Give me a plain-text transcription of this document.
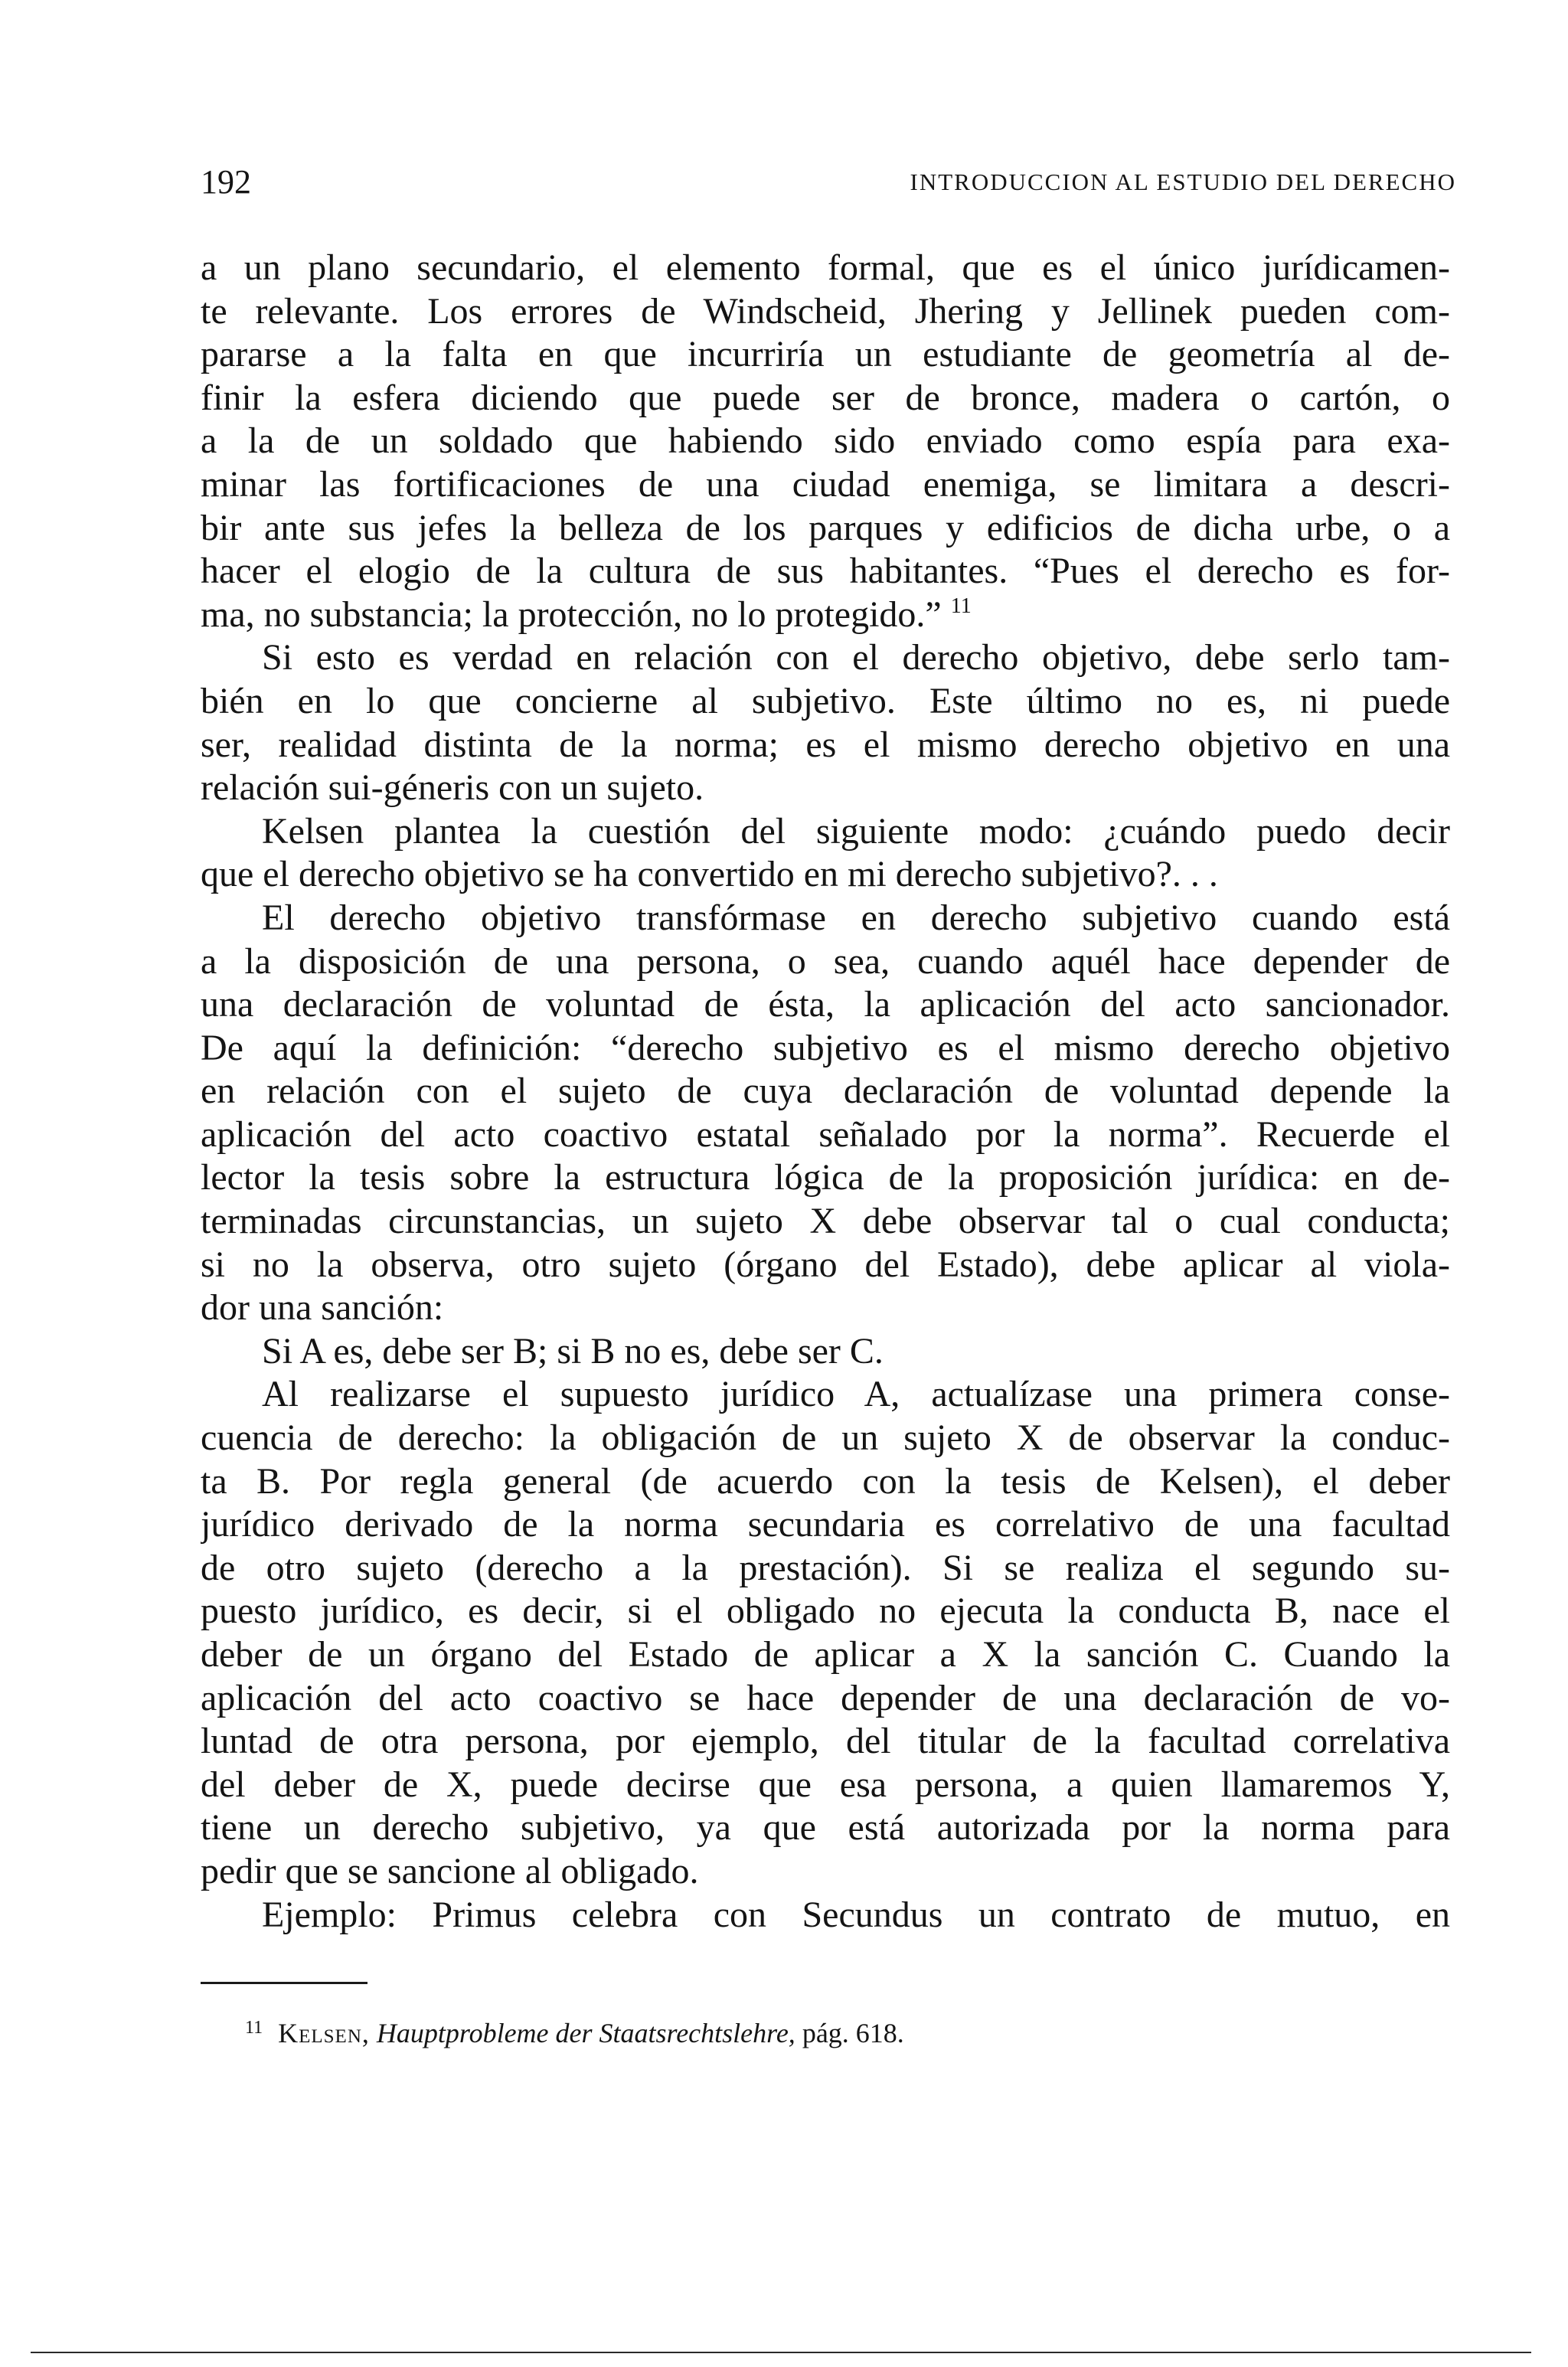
192	INTRODUCCION AL ESTUDIO DEL DERECHO

a un plano secundario, el elemento formal, que es el único jurídicamen-

te relevante. Los errores de Windscheid, Jhering y Jellinek pueden com-

pararse a la falta en que incurriría un estudiante de geometría al de-

finir la esfera diciendo que puede ser de bronce, madera o cartón, o

a la de un soldado que habiendo sido enviado como espía para exa-

minar las fortificaciones de una ciudad enemiga, se limitara a descri-

bir ante sus jefes la belleza de los parques y edificios de dicha urbe, o a

hacer el elogio de la cultura de sus habitantes. “Pues el derecho es for-

ma, no substancia; la protección, no lo protegido.” $^{11}$

Si esto es verdad en relación con el derecho objetivo, debe serlo tam-

bién en lo que concierne al subjetivo. Este último no es, ni puede

ser, realidad distinta de la norma; es el mismo derecho objetivo en una

relación sui-géneris con un sujeto.

Kelsen plantea la cuestión del siguiente modo: ¿cuándo puedo decir

que el derecho objetivo se ha convertido en mi derecho subjetivo?. . .

El derecho objetivo transfórmase en derecho subjetivo cuando está

a la disposición de una persona, o sea, cuando aquél hace depender de

una declaración de voluntad de ésta, la aplicación del acto sancionador.

De aquí la definición: “derecho subjetivo es el mismo derecho objetivo

en relación con el sujeto de cuya declaración de voluntad depende la

aplicación del acto coactivo estatal señalado por la norma”. Recuerde el

lector la tesis sobre la estructura lógica de la proposición jurídica: en de-

terminadas circunstancias, un sujeto X debe observar tal o cual conducta;

si no la observa, otro sujeto (órgano del Estado), debe aplicar al viola-

dor una sanción:

Si A es, debe ser B; si B no es, debe ser C.

Al realizarse el supuesto jurídico A, actualízase una primera conse-

cuencia de derecho: la obligación de un sujeto X de observar la conduc-

ta B. Por regla general (de acuerdo con la tesis de Kelsen), el deber

jurídico derivado de la norma secundaria es correlativo de una facultad

de otro sujeto (derecho a la prestación). Si se realiza el segundo su-

puesto jurídico, es decir, si el obligado no ejecuta la conducta B, nace el

deber de un órgano del Estado de aplicar a X la sanción C. Cuando la

aplicación del acto coactivo se hace depender de una declaración de vo-

luntad de otra persona, por ejemplo, del titular de la facultad correlativa

del deber de X, puede decirse que esa persona, a quien llamaremos Y,

tiene un derecho subjetivo, ya que está autorizada por la norma para

pedir que se sancione al obligado.

Ejemplo: Primus celebra con Secundus un contrato de mutuo, en

$^{11}$ Kelsen, Hauptprobleme der Staatsrechtslehre, pág. 618.
